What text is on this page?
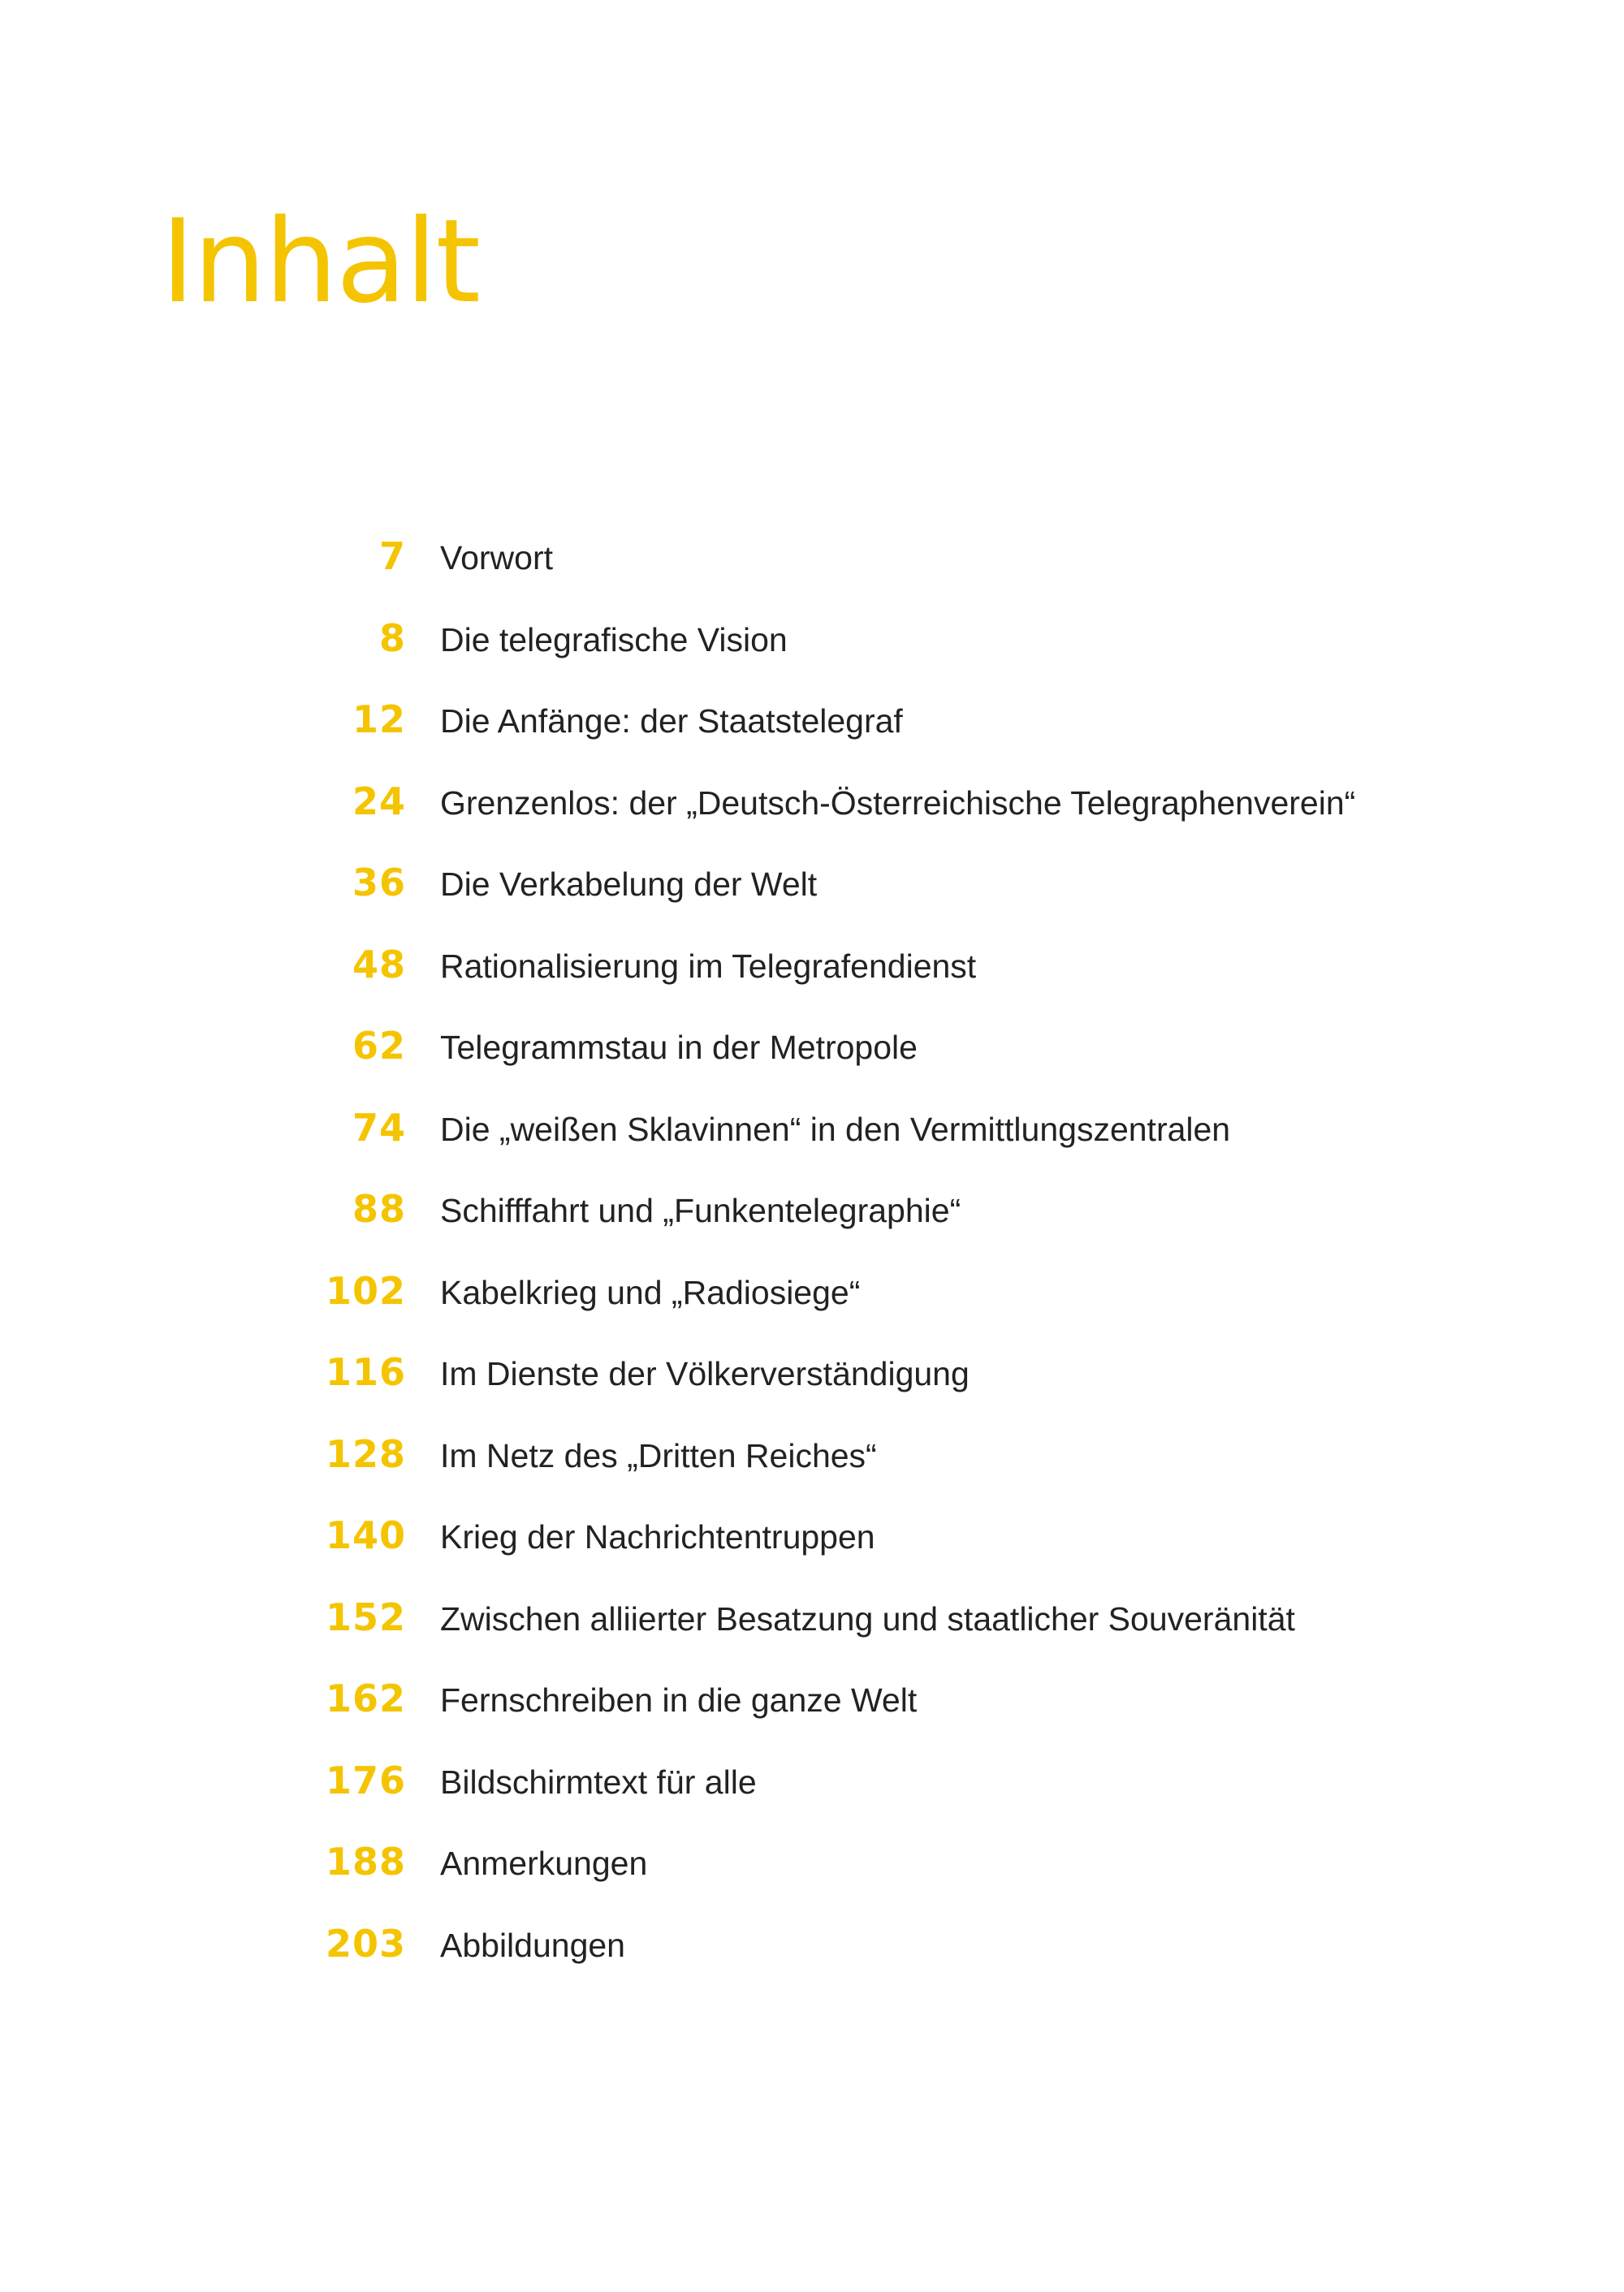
Inhalt
7 Vorwort
8 Die telegrafische Vision
12 Die Anfänge: der Staatstelegraf
24 Grenzenlos: der „Deutsch-Österreichische Telegraphenverein“
36 Die Verkabelung der Welt
48 Rationalisierung im Telegrafendienst
62 Telegrammstau in der Metropole
74 Die „weißen Sklavinnen“ in den Vermittlungszentralen
88 Schifffahrt und „Funkentelegraphie“
102 Kabelkrieg und „Radiosiege“
116 Im Dienste der Völkerverständigung
128 Im Netz des „Dritten Reiches“
140 Krieg der Nachrichtentruppen
152 Zwischen alliierter Besatzung und staatlicher Souveränität
162 Fernschreiben in die ganze Welt
176 Bildschirmtext für alle
188 Anmerkungen
203 Abbildungen
